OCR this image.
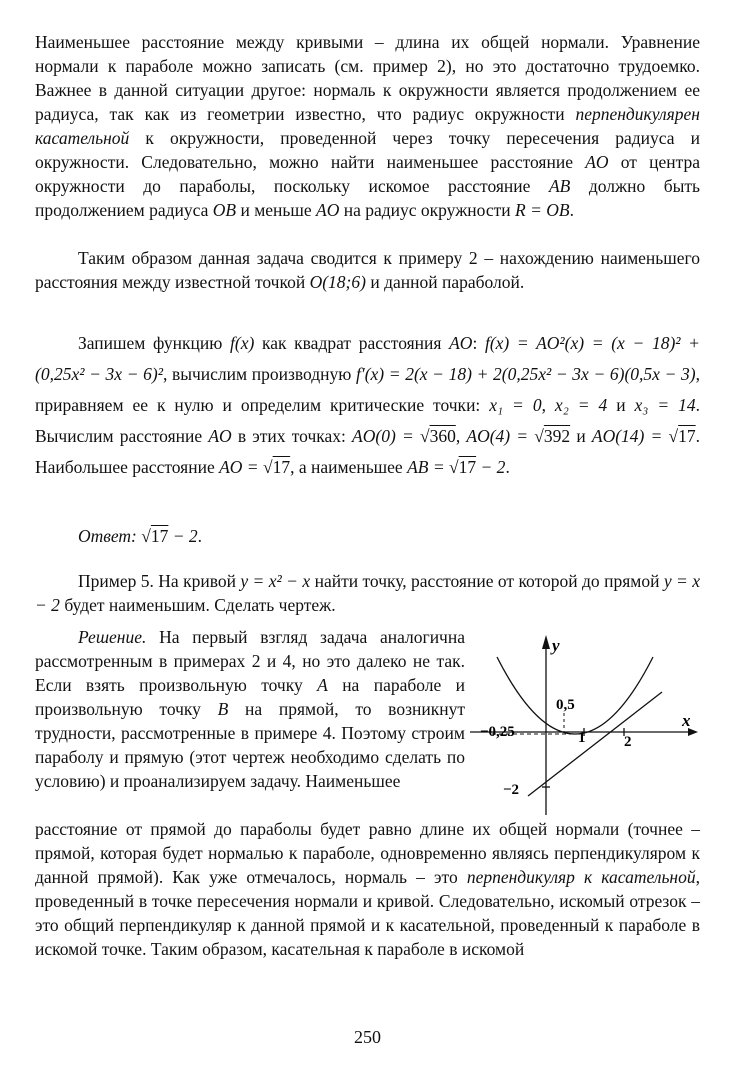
Наименьшее расстояние между кривыми – длина их общей нормали. Уравнение нормали к параболе можно записать (см. пример 2), но это достаточно трудоемко. Важнее в данной ситуации другое: нормаль к окружности является продолжением ее радиуса, так как из геометрии известно, что радиус окружности перпендикулярен касательной к окружности, проведенной через точку пересечения радиуса и окружности. Следовательно, можно найти наименьшее расстояние AO от центра окружности до параболы, поскольку искомое расстояние AB должно быть продолжением радиуса OB и меньше AO на радиус окружности R = OB.

Таким образом данная задача сводится к примеру 2 – нахождению наименьшего расстояния между известной точкой O(18;6) и данной параболой.

Запишем функцию f(x) как квадрат расстояния AO: f(x) = AO²(x) = (x − 18)² + (0,25x² − 3x − 6)², вычислим производную f′(x) = 2(x − 18) + 2(0,25x² − 3x − 6)(0,5x − 3), приравняем ее к нулю и определим критические точки: x₁ = 0, x₂ = 4 и x₃ = 14. Вычислим расстояние AO в этих точках: AO(0) = √360, AO(4) = √392 и AO(14) = √17. Наибольшее расстояние AO = √17, а наименьшее AB = √17 − 2.

Ответ: √17 − 2.

Пример 5. На кривой y = x² − x найти точку, расстояние от которой до прямой y = x − 2 будет наименьшим. Сделать чертеж.

Решение. На первый взгляд задача аналогична рассмотренным в примерах 2 и 4, но это далеко не так. Если взять произвольную точку A на параболе и произвольную точку B на прямой, то возникнут трудности, рассмотренные в примере 4. Поэтому строим параболу и прямую (этот чертеж необходимо сделать по условию) и проанализируем задачу. Наименьшее

расстояние от прямой до параболы будет равно длине их общей нормали (точнее – прямой, которая будет нормалью к параболе, одновременно являясь перпендикуляром к данной прямой). Как уже отмечалось, нормаль – это перпендикуляр к касательной, проведенный в точке пересечения нормали и кривой. Следовательно, искомый отрезок – это общий перпендикуляр к данной прямой и к касательной, проведенный к параболе в искомой точке. Таким образом, касательная к параболе в искомой

y
x
0,5
−0,25	1	2
−2
250
